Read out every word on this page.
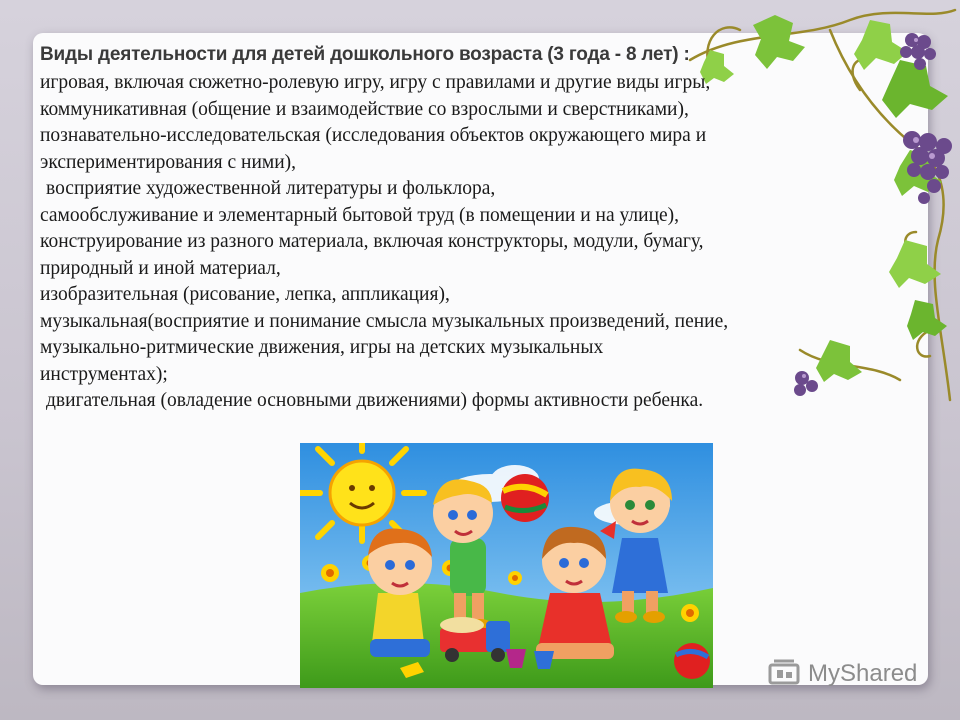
Виды деятельности для детей дошкольного возраста (3 года - 8 лет) :
игровая, включая сюжетно-ролевую игру, игру с правилами и другие виды игры,
коммуникативная (общение и взаимодействие со взрослыми и сверстниками),
познавательно-исследовательская (исследования объектов окружающего мира и
экспериментирования с ними),
восприятие художественной литературы и фольклора,
самообслуживание и элементарный бытовой труд (в помещении и на улице),
конструирование из разного материала, включая конструкторы, модули, бумагу,
природный и иной материал,
изобразительная (рисование, лепка, аппликация),
музыкальная(восприятие и понимание смысла музыкальных произведений, пение,
музыкально-ритмические движения, игры на детских музыкальных
инструментах);
двигательная (овладение основными движениями) формы активности ребенка.
MyShared
